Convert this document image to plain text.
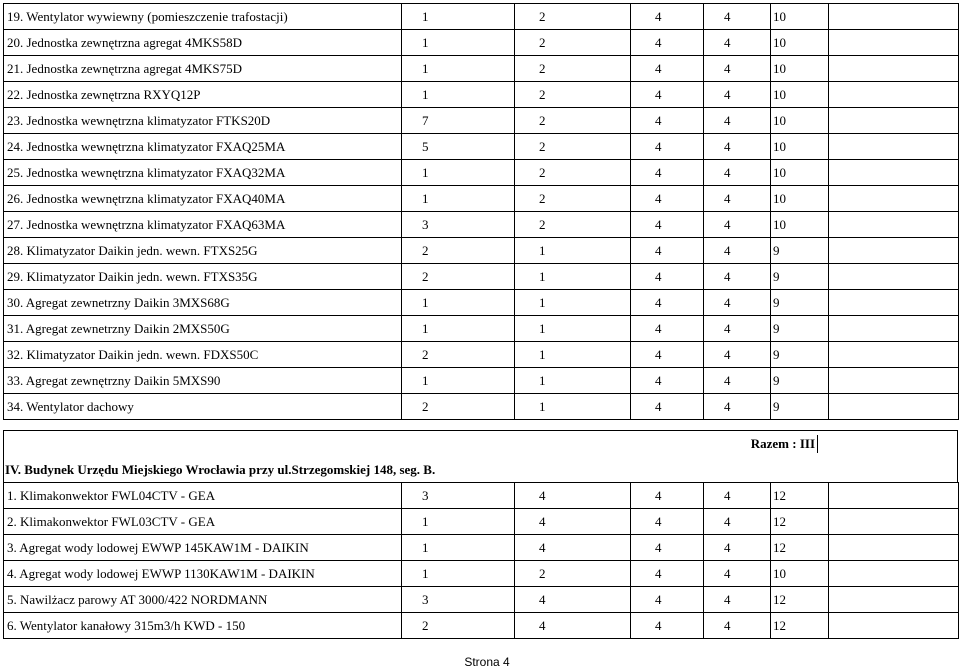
19. Wentylator wywiewny (pomieszczenie trafostacji)	1	2	4	4	10	
20. Jednostka zewnętrzna agregat 4MKS58D	1	2	4	4	10	
21. Jednostka zewnętrzna agregat 4MKS75D	1	2	4	4	10	
22. Jednostka zewnętrzna RXYQ12P	1	2	4	4	10	
23. Jednostka wewnętrzna klimatyzator FTKS20D	7	2	4	4	10	
24. Jednostka wewnętrzna klimatyzator FXAQ25MA	5	2	4	4	10	
25. Jednostka wewnętrzna klimatyzator FXAQ32MA	1	2	4	4	10	
26. Jednostka wewnętrzna klimatyzator FXAQ40MA	1	2	4	4	10	
27. Jednostka wewnętrzna klimatyzator FXAQ63MA	3	2	4	4	10	
28. Klimatyzator Daikin jedn. wewn. FTXS25G	2	1	4	4	9	
29. Klimatyzator Daikin jedn. wewn. FTXS35G	2	1	4	4	9	
30. Agregat zewnetrzny Daikin 3MXS68G	1	1	4	4	9	
31. Agregat zewnetrzny Daikin 2MXS50G	1	1	4	4	9	
32. Klimatyzator Daikin jedn. wewn. FDXS50C	2	1	4	4	9	
33. Agregat zewnętrzny Daikin 5MXS90	1	1	4	4	9	
34. Wentylator dachowy	2	1	4	4	9	
Razem : III
IV. Budynek Urzędu Miejskiego Wrocławia przy ul.Strzegomskiej 148, seg. B.
1. Klimakonwektor FWL04CTV - GEA	3	4	4	4	12	
2. Klimakonwektor FWL03CTV - GEA	1	4	4	4	12	
3. Agregat wody lodowej EWWP 145KAW1M - DAIKIN	1	4	4	4	12	
4. Agregat wody lodowej EWWP 1130KAW1M - DAIKIN	1	2	4	4	10	
5. Nawilżacz parowy AT 3000/422 NORDMANN	3	4	4	4	12	
6. Wentylator kanałowy 315m3/h KWD - 150	2	4	4	4	12	
Strona 4
